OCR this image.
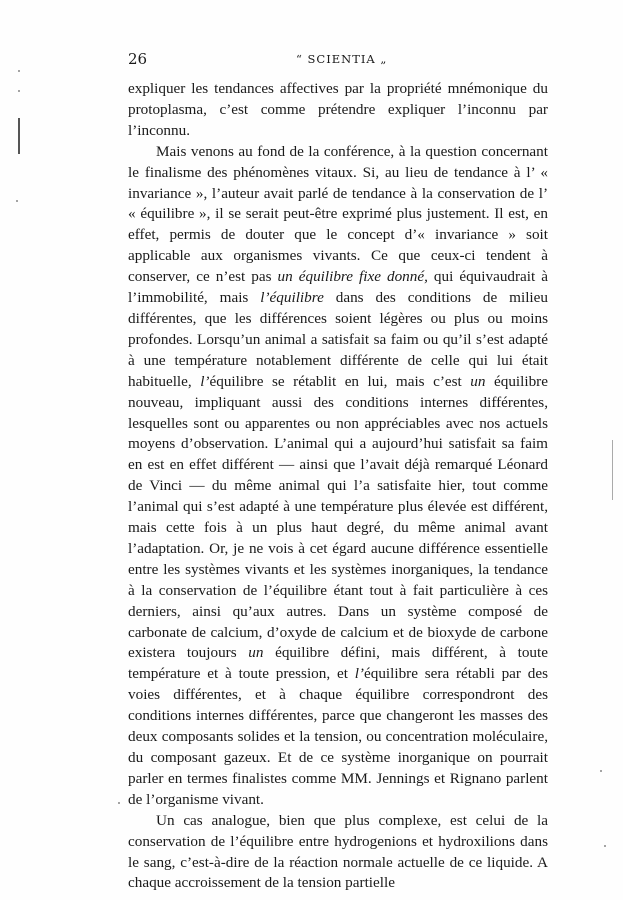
26	“ SCIENTIA „

expliquer les tendances affectives par la propriété mnémonique du protoplasma, c’est comme prétendre expliquer l’inconnu par l’inconnu.

Mais venons au fond de la conférence, à la question concernant le finalisme des phénomènes vitaux. Si, au lieu de tendance à l’ « invariance », l’auteur avait parlé de tendance à la conservation de l’ « équilibre », il se serait peut-être exprimé plus justement. Il est, en effet, permis de douter que le concept d’« invariance » soit applicable aux organismes vivants. Ce que ceux-ci tendent à conserver, ce n’est pas un équilibre fixe donné, qui équivaudrait à l’immobilité, mais l’équilibre dans des conditions de milieu différentes, que les différences soient légères ou plus ou moins profondes. Lorsqu’un animal a satisfait sa faim ou qu’il s’est adapté à une température notablement différente de celle qui lui était habituelle, l’équilibre se rétablit en lui, mais c’est un équilibre nouveau, impliquant aussi des conditions internes différentes, lesquelles sont ou apparentes ou non appréciables avec nos actuels moyens d’observation. L’animal qui a aujourd’hui satisfait sa faim en est en effet différent — ainsi que l’avait déjà remarqué Léonard de Vinci — du même animal qui l’a satisfaite hier, tout comme l’animal qui s’est adapté à une température plus élevée est différent, mais cette fois à un plus haut degré, du même animal avant l’adaptation. Or, je ne vois à cet égard aucune différence essentielle entre les systèmes vivants et les systèmes inorganiques, la tendance à la conservation de l’équilibre étant tout à fait particulière à ces derniers, ainsi qu’aux autres. Dans un système composé de carbonate de calcium, d’oxyde de calcium et de bioxyde de carbone existera toujours un équilibre défini, mais différent, à toute température et à toute pression, et l’équilibre sera rétabli par des voies différentes, et à chaque équilibre correspondront des conditions internes différentes, parce que changeront les masses des deux composants solides et la tension, ou concentration moléculaire, du composant gazeux. Et de ce système inorganique on pourrait parler en termes finalistes comme MM. Jennings et Rignano parlent de l’organisme vivant.

Un cas analogue, bien que plus complexe, est celui de la conservation de l’équilibre entre hydrogenions et hydroxilions dans le sang, c’est-à-dire de la réaction normale actuelle de ce liquide. A chaque accroissement de la tension partielle
